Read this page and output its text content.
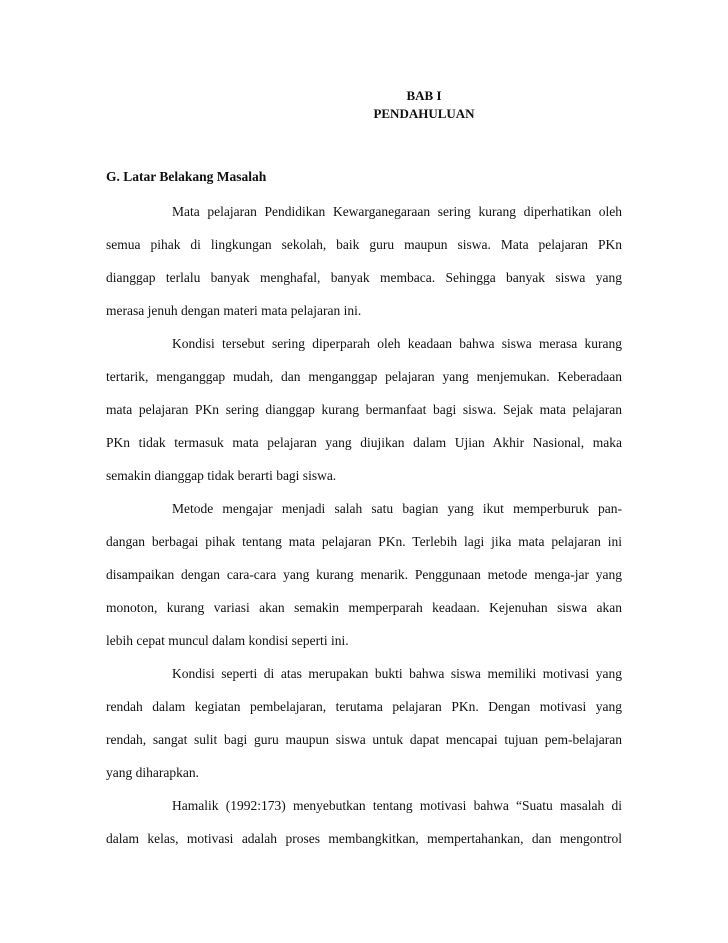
BAB I
PENDAHULUAN
G. Latar Belakang Masalah
Mata pelajaran Pendidikan Kewarganegaraan sering kurang diperhatikan oleh
semua pihak di lingkungan sekolah, baik guru maupun siswa. Mata pelajaran PKn
dianggap terlalu banyak menghafal, banyak membaca. Sehingga banyak siswa yang
merasa jenuh dengan materi mata pelajaran ini.
Kondisi tersebut sering diperparah oleh keadaan bahwa siswa merasa kurang
tertarik, menganggap mudah, dan menganggap pelajaran yang menjemukan. Keberadaan
mata pelajaran PKn sering dianggap kurang bermanfaat bagi siswa. Sejak mata pelajaran
PKn tidak termasuk mata pelajaran yang diujikan dalam Ujian Akhir Nasional, maka
semakin dianggap tidak berarti bagi siswa.
Metode mengajar menjadi salah satu bagian yang ikut memperburuk pan-
dangan berbagai pihak tentang mata pelajaran PKn. Terlebih lagi jika mata pelajaran ini
disampaikan dengan cara-cara yang kurang menarik. Penggunaan metode menga-jar yang
monoton, kurang variasi akan semakin memperparah keadaan. Kejenuhan siswa akan
lebih cepat muncul dalam kondisi seperti ini.
Kondisi seperti di atas merupakan bukti bahwa siswa memiliki motivasi yang
rendah dalam kegiatan pembelajaran, terutama pelajaran PKn. Dengan motivasi yang
rendah, sangat sulit bagi guru maupun siswa untuk dapat mencapai tujuan pem-belajaran
yang diharapkan.
Hamalik (1992:173) menyebutkan tentang motivasi bahwa “Suatu masalah di
dalam kelas, motivasi adalah proses membangkitkan, mempertahankan, dan mengontrol
